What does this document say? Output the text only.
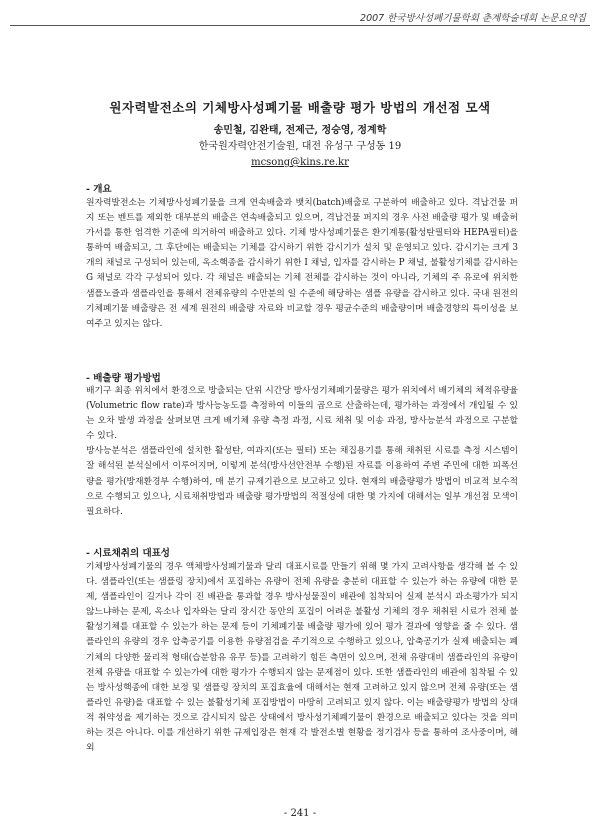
2007 한국방사성폐기물학회 춘계학술대회 논문요약집
원자력발전소의 기체방사성폐기물 배출량 평가 방법의 개선점 모색
송민철, 김완태, 전제근, 정승영, 정계학
한국원자력안전기술원, 대전 유성구 구성동 19
mcsong@kins.re.kr
- 개요
원자력발전소는 기체방사성폐기물을 크게 연속배출과 뱃치(batch)배출로 구분하여 배출하고 있다. 격납건물 퍼지 또는 벤트를 제외한 대부분의 배출은 연속배출되고 있으며, 격납건물 퍼지의 경우 사전 배출량 평가 및 배출허가서를 통한 엄격한 기준에 의거하여 배출하고 있다. 기체 방사성폐기물은 환기계통(활성탄필터와 HEPA필터)을 통하여 배출되고, 그 후단에는 배출되는 기체를 감시하기 위한 감시기가 설치 및 운영되고 있다. 감시기는 크게 3개의 채널로 구성되어 있는데, 옥소핵종을 감시하기 위한 I 채널, 입자를 감시하는 P 채널, 불활성기체를 감시하는 G 채널로 각각 구성되어 있다. 각 채널은 배출되는 기체 전체를 감시하는 것이 아니라, 기체의 주 유로에 위치한 샘플노즐과 샘플라인을 통해서 전체유량의 수만분의 일 수준에 해당하는 샘플 유량을 감시하고 있다. 국내 원전의 기체폐기물 배출량은 전 세계 원전의 배출량 자료와 비교할 경우 평균수준의 배출량이며 배출경향의 특이성을 보여주고 있지는 않다.
- 배출량 평가방법
배기구 최종 위치에서 환경으로 방출되는 단위 시간당 방사성기체폐기물량은 평가 위치에서 배기체의 체적유량율(Volumetric flow rate)과 방사능농도를 측정하여 이들의 곱으로 산출하는데, 평가하는 과정에서 개입될 수 있는 오차 발생 과정을 살펴보면 크게 배기체 유량 측정 과정, 시료 채취 및 이송 과정, 방사능분석 과정으로 구분할 수 있다.
방사능분석은 샘플라인에 설치한 활성탄, 여과지(또는 필터) 또는 채집용기를 통해 채취된 시료를 측정 시스템이 잘 해석된 분석실에서 이루어지며, 이렇게 분석(방사선안전부 수행)된 자료를 이용하여 주변 주민에 대한 피폭선량을 평가(방재환경부 수행)하여, 매 분기 규제기관으로 보고하고 있다. 현재의 배출량평가 방법이 비교적 보수적으로 수행되고 있으나, 시료채취방법과 배출량 평가방법의 적절성에 대한 몇 가지에 대해서는 일부 개선점 모색이 필요하다.
- 시료채취의 대표성
기체방사성폐기물의 경우 액체방사성폐기물과 달리 대표시료를 만들기 위해 몇 가지 고려사항을 생각해 볼 수 있다. 샘플라인(또는 샘플링 장치)에서 포집하는 유량이 전체 유량을 충분히 대표할 수 있는가 하는 유량에 대한 문제, 샘플라인이 길거나 각이 진 배관을 통과할 경우 방사성물질이 배관에 침착되어 실제 분석시 과소평가가 되지 않느냐하는 문제, 옥소나 입자와는 달리 장시간 동안의 포집이 어려운 불활성 기체의 경우 채취된 시료가 전체 불활성기체를 대표할 수 있는가 하는 문제 등이 기체폐기물 배출량 평가에 있어 평가 결과에 영향을 줄 수 있다. 샘플라인의 유량의 경우 압축공기를 이용한 유량점검을 주기적으로 수행하고 있으나, 압축공기가 실제 배출되는 폐기체의 다양한 물리적 형태(습분함유 유무 등)를 고려하기 힘든 측면이 있으며, 전체 유량대비 샘플라인의 유량이 전체 유량을 대표할 수 있는가에 대한 평가가 수행되지 않는 문제점이 있다. 또한 샘플라인의 배관에 침착될 수 있는 방사성핵종에 대한 보정 및 샘플링 장치의 포집효율에 대해서는 현재 고려하고 있지 않으며 전체 유량(또는 샘플라인 유량)을 대표할 수 있는 불활성기체 포집방법이 마땅히 고려되고 있지 않다. 이는 배출량평가 방법의 상대적 취약성을 제기하는 것으로 감시되지 않은 상태에서 방사성기체폐기물이 환경으로 배출되고 있다는 것을 의미하는 것은 아니다. 이를 개선하기 위한 규제입장은 현재 각 발전소별 현황을 정기검사 등을 통하여 조사중이며, 해외
- 241 -
